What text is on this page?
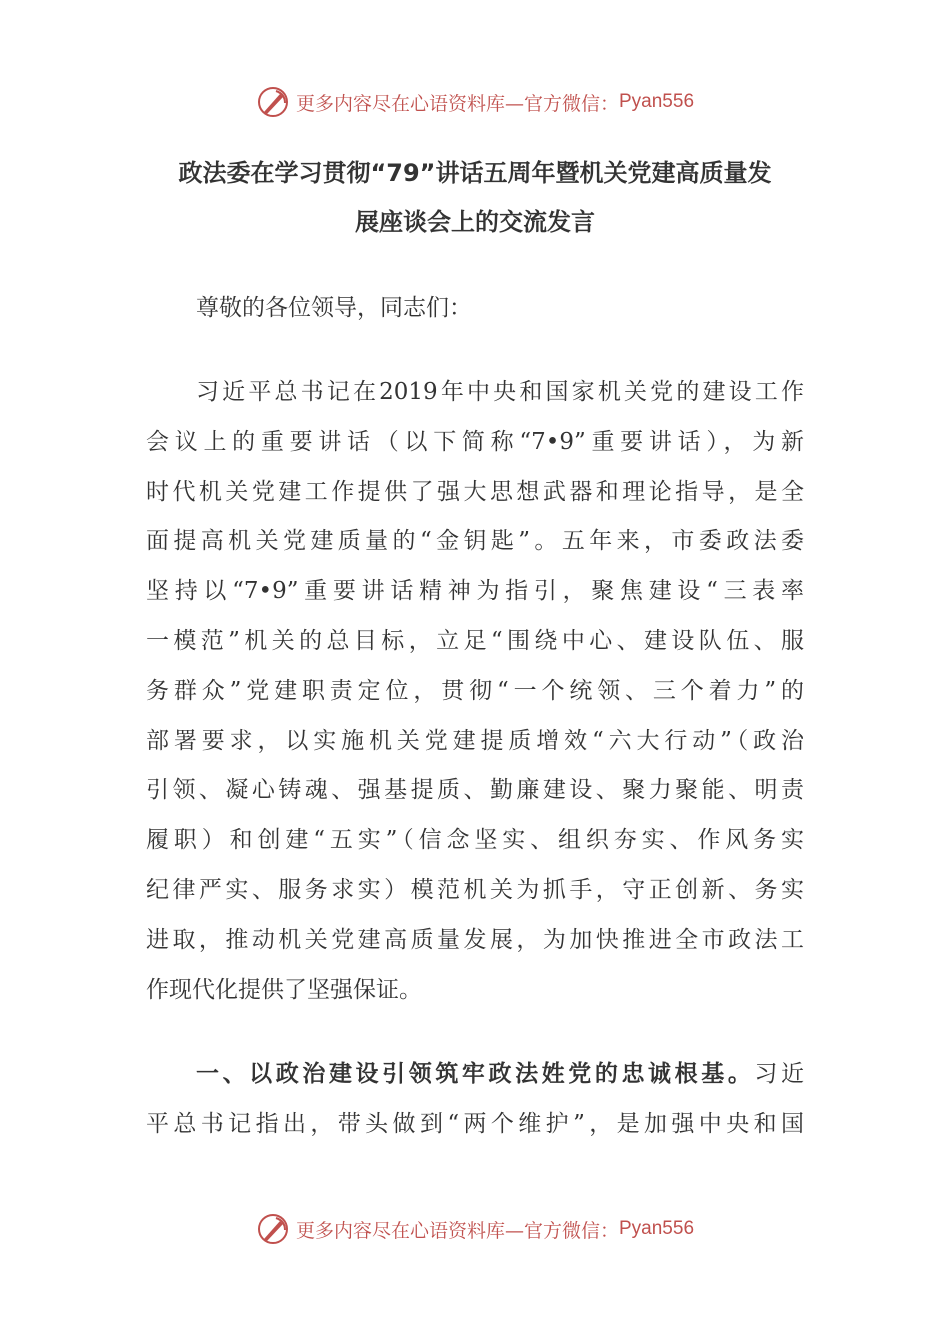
更多内容尽在心语资料库—官方微信： Pyan556
政法委在学习贯彻“79”讲话五周年暨机关党建高质量发
展座谈会上的交流发言
尊敬的各位领导，同志们：
习近平总书记在2019年中央和国家机关党的建设工作
会议上的重要讲话（以下简称“7•9”重要讲话），为新
时代机关党建工作提供了强大思想武器和理论指导，是全
面提高机关党建质量的“金钥匙”。五年来，市委政法委
坚持以“7•9”重要讲话精神为指引，聚焦建设“三表率
一模范”机关的总目标，立足“围绕中心、建设队伍、服
务群众”党建职责定位，贯彻“一个统领、三个着力”的
部署要求，以实施机关党建提质增效“六大行动”（政治
引领、凝心铸魂、强基提质、勤廉建设、聚力聚能、明责
履职）和创建“五实”（信念坚实、组织夯实、作风务实
纪律严实、服务求实）模范机关为抓手，守正创新、务实
进取，推动机关党建高质量发展，为加快推进全市政法工
作现代化提供了坚强保证。
一、以政治建设引领筑牢政法姓党的忠诚根基。习近
平总书记指出，带头做到“两个维护”，是加强中央和国
更多内容尽在心语资料库—官方微信： Pyan556
